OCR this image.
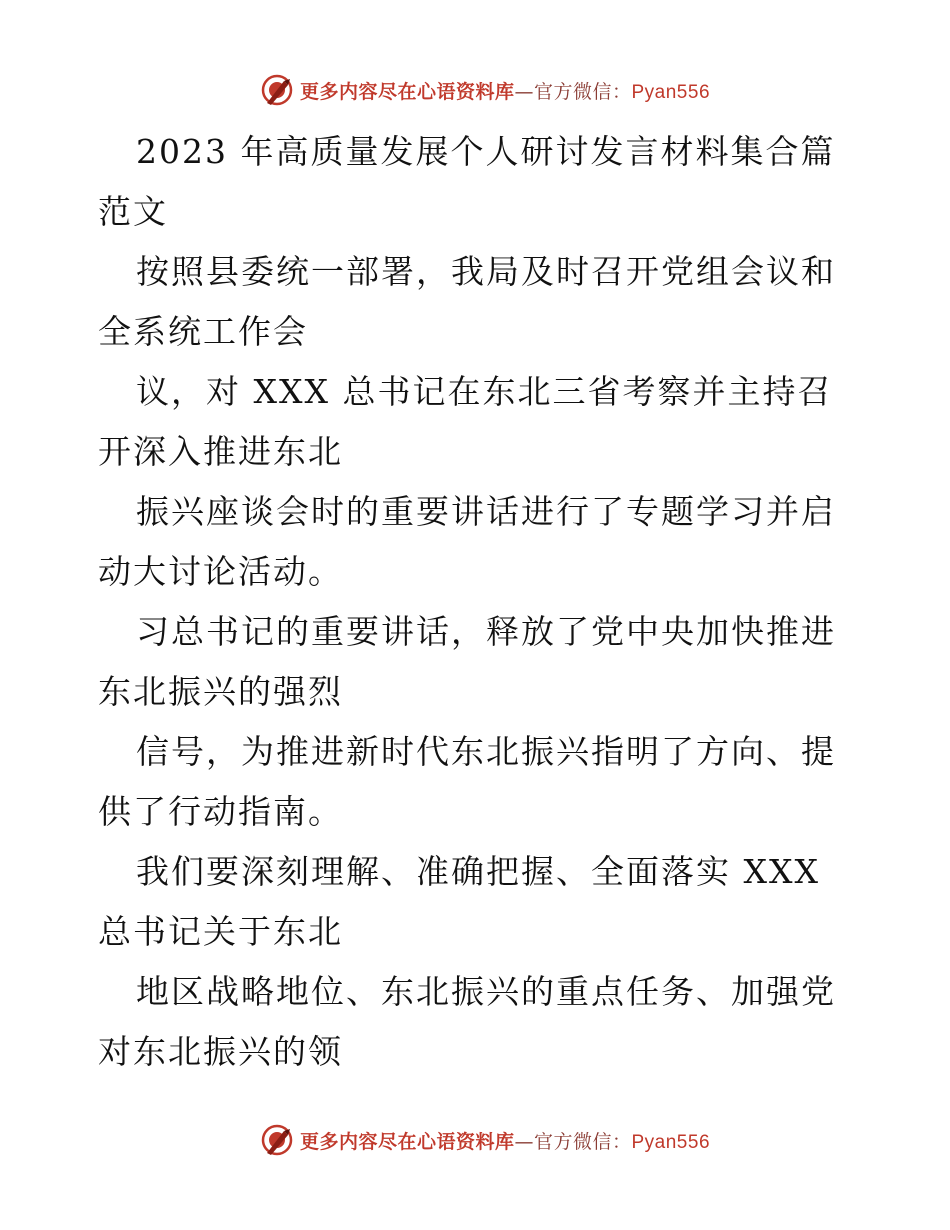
更多内容尽在心语资料库—官方微信：Pyan556

2023 年高质量发展个人研讨发言材料集合篇范文

按照县委统一部署，我局及时召开党组会议和全系统工作会

议，对 XXX 总书记在东北三省考察并主持召开深入推进东北

振兴座谈会时的重要讲话进行了专题学习并启动大讨论活动。

习总书记的重要讲话，释放了党中央加快推进东北振兴的强烈

信号，为推进新时代东北振兴指明了方向、提供了行动指南。

我们要深刻理解、准确把握、全面落实 XXX 总书记关于东北

地区战略地位、东北振兴的重点任务、加强党对东北振兴的领

更多内容尽在心语资料库—官方微信：Pyan556
